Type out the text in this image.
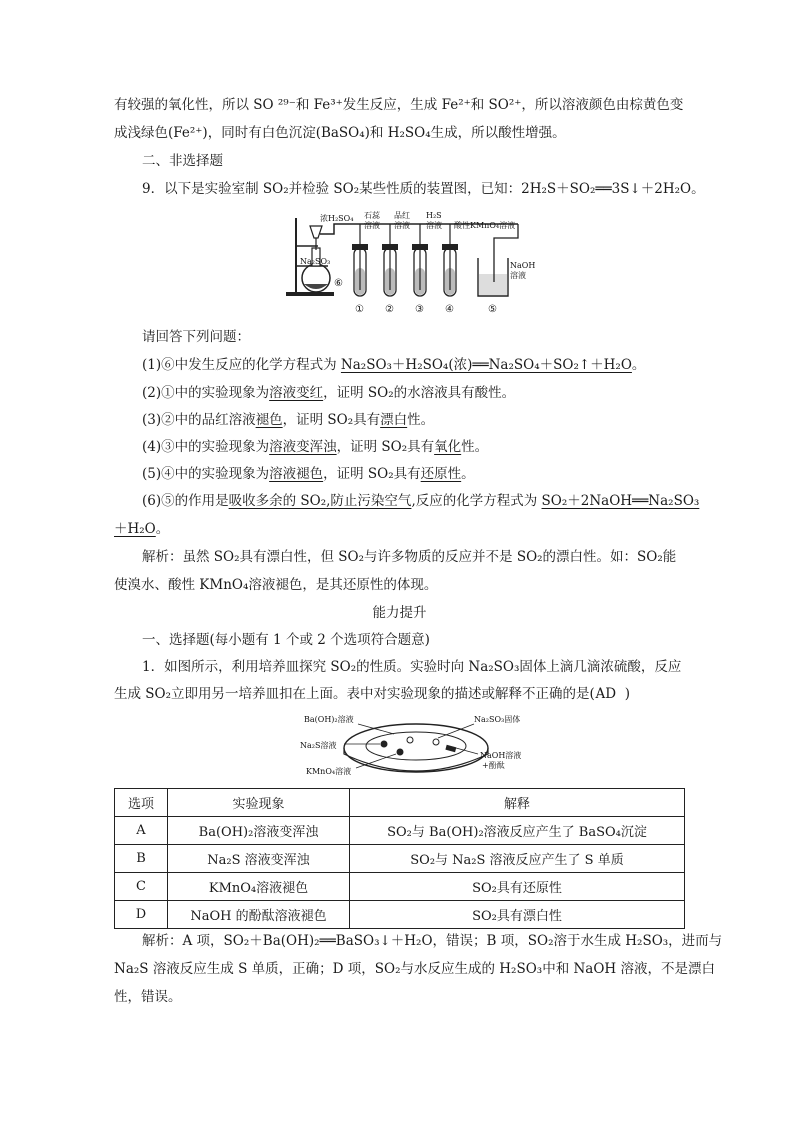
有较强的氧化性，所以 SO ²⁹⁻和 Fe³⁺发生反应，生成 Fe²⁺和 SO²⁺，所以溶液颜色由棕黄色变
成浅绿色(Fe²⁺)，同时有白色沉淀(BaSO₄)和 H₂SO₄生成，所以酸性增强。
二、非选择题
9．以下是实验室制 SO₂并检验 SO₂某些性质的装置图，已知：2H₂S＋SO₂══3S↓＋2H₂O。
浓H₂SO₄ 石蕊
溶液
品红
溶液
H₂S
溶液 酸性KMnO₄溶液
Na₂SO₃	NaOH
溶液
⑥
① ② ③ ④	⑤
请回答下列问题：
(1)⑥中发生反应的化学方程式为 Na₂SO₃＋H₂SO₄(浓)══Na₂SO₄＋SO₂↑＋H₂O。
(2)①中的实验现象为溶液变红，证明 SO₂的水溶液具有酸性。
(3)②中的品红溶液褪色，证明 SO₂具有漂白性。
(4)③中的实验现象为溶液变浑浊，证明 SO₂具有氧化性。
(5)④中的实验现象为溶液褪色，证明 SO₂具有还原性。
(6)⑤的作用是吸收多余的 SO₂,防止污染空气,反应的化学方程式为 SO₂＋2NaOH══Na₂SO₃
＋H₂O。
解析：虽然 SO₂具有漂白性，但 SO₂与许多物质的反应并不是 SO₂的漂白性。如：SO₂能
使溴水、酸性 KMnO₄溶液褪色，是其还原性的体现。
能力提升
一、选择题(每小题有 1 个或 2 个选项符合题意)
1．如图所示，利用培养皿探究 SO₂的性质。实验时向 Na₂SO₃固体上滴几滴浓硫酸，反应
生成 SO₂立即用另一培养皿扣在上面。表中对实验现象的描述或解释不正确的是(AD )
Ba(OH)₂溶液
Na₂S溶液
KMnO₄溶液
Na₂SO₃固体
NaOH溶液
+酚酞
选项	实验现象	解释
A	Ba(OH)₂溶液变浑浊	SO₂与 Ba(OH)₂溶液反应产生了 BaSO₄沉淀
B	Na₂S 溶液变浑浊	SO₂与 Na₂S 溶液反应产生了 S 单质
C	KMnO₄溶液褪色	SO₂具有还原性
D	NaOH 的酚酞溶液褪色	SO₂具有漂白性
解析：A 项，SO₂＋Ba(OH)₂══BaSO₃↓＋H₂O，错误；B 项，SO₂溶于水生成 H₂SO₃，进而与
Na₂S 溶液反应生成 S 单质，正确；D 项，SO₂与水反应生成的 H₂SO₃中和 NaOH 溶液，不是漂白
性，错误。
